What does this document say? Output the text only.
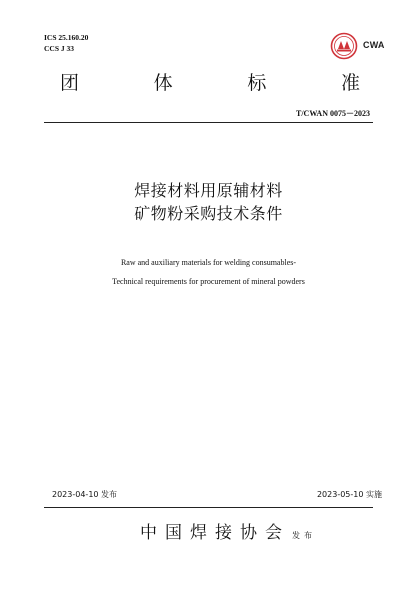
ICS 25.160.20
CCS J 33	CWA
团	体	标	准
T/CWAN 0075－2023
焊接材料用原辅材料
矿物粉采购技术条件
Raw and auxiliary materials for welding consumables-
Technical requirements for procurement of mineral powders
2023-04-10 发布	2023-05-10 实施
中国焊接协会 发布
